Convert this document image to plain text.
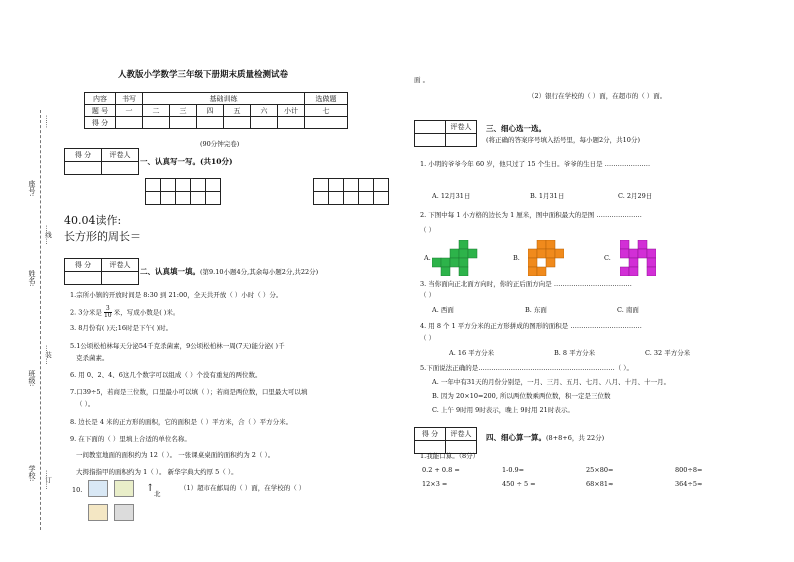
座号:
姓名:
班级:
学校:
……
…线…
…装…
…订…
人教版小学数学三年级下册期末质量检测试卷
内容	书写	基础训练						选做题
题 号	一	二	三	四	五	六	小计	七
得 分								
(90分钟完卷)
得 分	评卷人

一、认真写一写。(共10分)

40.04读作:
长方形的周长＝
得 分	评卷人

二、认真填一填。(第9.10小题4分,其余每小题2分,共22分)
1.宗所小镇的开放时间是 8:30 到 21:00，全天共开放（ ）小时（ ）分。
2. 3分米是 $\frac{3}{10}$ 米，写成小数是( )米。
3. 8月份有( )天;16时是下午( )时。
5.1公顷松柏林每天分泌54千克杀菌素，9公顷松柏林一周(7天)能分泌( )千
克杀菌素。
6. 用 0、2、4、6这几个数字可以组成（ ）个没有重复的两位数。
7.口39÷5，若商是三位数，口里最小可以填（ ）；若商是两位数，口里最大可以填
（ ）。
8. 边长是 4 米的正方形的面积，它的面积是（ ）平方米，合（ ）平方分米。
9. 在下面的（ ）里填上合适的单位名称。
一间教室地面的面积约为 12（ ）。 一张课桌桌面的面积约为 2（ ）。
大拇指指甲的面积约为 1（ ）。 新华字典大约厚 5（ ）。
10.	↑ 北
（1）超市在邮局的（ ）面，在学校的（ ）
面 。
（2）银行在学校的（ ）面，在超市的（ ）面。
	评卷人
	三、细心选一选。
(将正确的答案序号填入括号里，每小题2分，共10分)
1. 小明的爷爷今年 60 岁，他只过了 15 个生日。爷爷的生日是 …………………
A. 12月31日	B. 1月31日	C. 2月29日
2. 下图中每 1 小方格的边长为 1 厘米，图中面积最大的是图 …………………
（ ）
A.	B.	C.
3. 当你面向正北面方向时，你的正后面方向是 ………………………………
（ ）
A. 西面	B. 东面	C. 南面
4. 用 8 个 1 平方分米的正方形拼成的图形的面积是 ……………………………
（ ）
A. 16 平方分米	B. 8 平方分米	C. 32 平方分米
5.下面说法正确的是………………………………………………………（ ）。
A. 一年中有31天的月份分别是，一月、三月、五月、七月、八月、十月、十一月。
B. 因为 20×10=200, 所以两位数乘两位数，积一定是三位数
C. 上午 9时用 9时表示，晚上 9时用 21时表示。
得 分	评卷人
	四、细心算一算。(8+8+6，共 22分)
1.我能口算。（8分）
0.2 + 0.8 =	1-0.9=	25×80=	800÷8=
12×3 =	450 ÷ 5 =	68×81≈	364÷5≈
